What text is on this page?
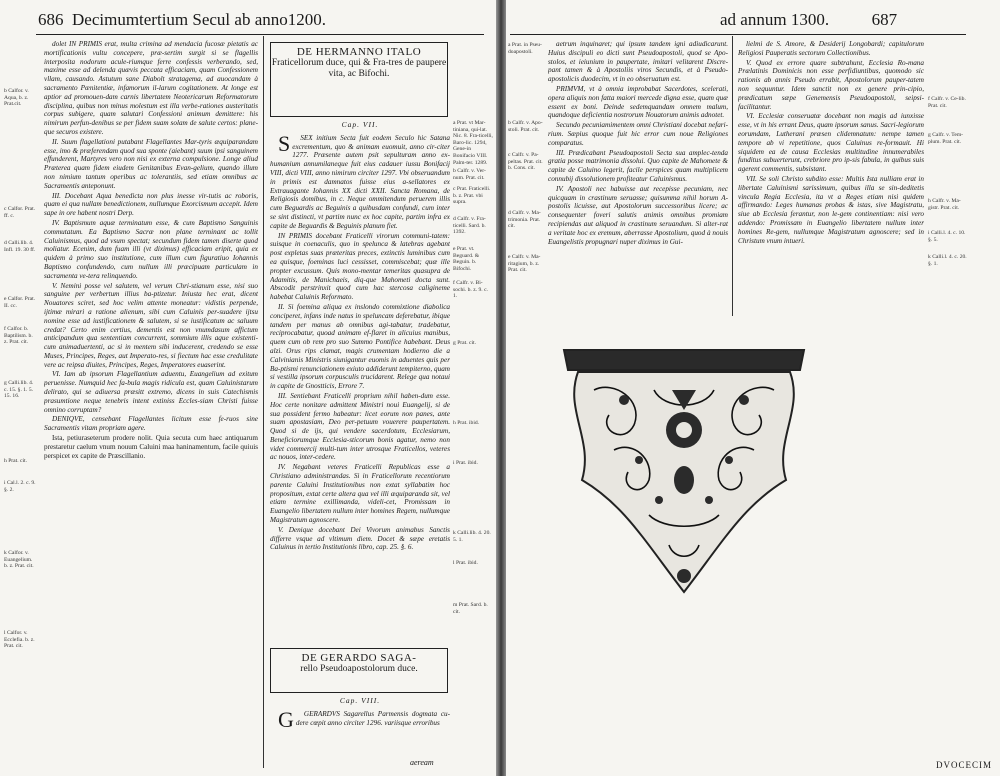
686 Decimumtertium Secul ab anno1200.
b Calfor. v. Aqua, b. z. Prat.cit.
c Calfor. Prat. ff. c.
d Calli.lib. 4. Infl. 19. 30 ff.
e Calfor. Prat. II. cc.
f Calfor. b. Baptilism. b. z. Prat. cit.
g Calli.lib. 4. c. 15. §. 1. 5. 15. 16.
h Prat. cit.
i Cal.l. 2. c. 9. §. 2.
k Calfor. v. Euangelium. b. z. Prat. cit.
l Calfor. v. Ecclefia. b. z. Prat. cit.

dolet IN PRIMIS erat, multa crimina ad mendacia fucosæ pietatis ac mortificationis vultu concepere, præ-sertim surgit si se flagellis interposita nodorum acule-riumque ferre confessis verberando, sed, maxime esse ad delenda quævis peccata efficaciam, quam Confessionem vllam, causando. Astutum sane Diabolt stratagema, ad auocandam à sacramento Pænitentiæ, infamorum il-larum cogitationem. At longe est aptior ad promouen-dam carnis libertatem Neotericarum Reformatorum disciplina, quibus non minus molestum est illa verbe-rationes austeritatis corpus subigere, quam salutari Confessioni animum demittere: his nimirum perfun-denibus se per fidem suam solam de salute certos: plane-que securos existere.

II. Suum flagellationi putabant Flagellantes Mar-tyris æquiparandam esse, imo & præferendam quod sua sponte (aiebant) suum ipsi sanguinem effunderent, Martyres vero non nisi ex externa compulsione. Longe aliud Præterea quam fidem eiudem Genitanibus Evan-gelium, quando illum non nimium tantum operibus ac tolerantiis, sed etiam omnibus ac Sacramentis anteponunt.

III. Docebant Aqua benedicta non plus inesse vir-tutis ac roboris, quam ei qua nullam benedictionem, nullumque Exorcismum accepit. Idem sape in ore habent nostri Derp.

IV. Baptismum aquæ terminatum esse, & cum Baptismo Sanguinis commutatum. Ea Baptismo Sacræ non plane terminant ac tollit Caluinismus, quod ad vsum spectat; secundum fidem tamen diserte quod moliatur. Ecenim, dum fuam illi (vt diximus) efficaciam eripit, quia ex quidem à primo suo institutione, cum illum cum figuratiuo Iohannis Baptismo confundendo, cum nullum illi præcipuam particulam in sacramenta ve-tera relinquendo.

V. Nemini posse vel salutem, vel verum Chri-stianum esse, nisi suo sanguine per verbertum illius ba-ptizetur. Iniusta hec erat, dicent Nouatores sciret, sed hoc velim attente moneatur: vidistis perpende, ijtimæ mirari a ratione alienum, sibi cum Caluinis per-suadere ijtsu nomine esse ad iustificationem & salutem, si se iustificatum ac saluum credat? Certo enim certius, dementis est non vnumdasum affictum anticipandum qua sententiam concurrent, sommium illis aque existenti-cum animaduertenti, ac si in mentem sibi inducerent, credendo se esse Muses, Principes, Reges, aut Imperato-res, si fiectum hac esse credulitate vere ac reipsa diuites, Principes, Reges, Imperatores euaserint.

VI. Iam ab ipsorum Flagellantium aduentu, Euangelium ad exitum peruenisse. Numquid hec fa-bula magis ridicula est, quam Caluinistarum delirato, qui se adiuersa præsitt extremo, dicens in suis Catechismis prasumtione neque tenebris intent extiniss Eccles-siam Christi fuisse omnino corruptam?

DENIQVE, censebant Flagellantes licitum esse fe-ruos sine Sacramentis vitam propriam agere.

Ista, petiuraseterum prodere nolit. Quia secuta cum haec antiquarum prestaretur caelum vnum nouum Caluini maa haninamentum, facile quiuis perspicet ex capite de Præscillanio.

DE HERMANNO ITALO
Fraticellorum duce, qui & Fra-tres de paupere vita, ac Bifochi.
Cap. VII.

S SEX initium Secta fuit eodem Seculo hic Satana excrementum, quo & animam euomuit, anno cir-citer 1277. Præsente autem psit sepulturam anno ex-humanium annumilaneque fuit eius cadauer iussu Bonifacij VIII, dicti VIII, anno nimirum circiter 1297. Vbi obseruandum in primis est damnatos fuisse eius a-sellatores ex Extrauagante Iohannis XX dicti XXII. Sancta Romana, de Religiosis domibus, in c. Neque ommitendum peruerem illis cum Beguardis ac Beguinis a quibusdam confundi, cum inter se sint distincti, vt partim nunc ex hoc capite, partim infra ex capite de Beguardis & Beguinis planum fiet.

IN PRIMIS docebant Fraticelli virorum communi-tatem: suisque in coenaculis, quo in spelunca & latebras agebant post expletas suas præteritas preces, extinctis luminibus cum ea quisque, foeminas luci cessisset, commiscebat; quæ ille propter excussum. Quis mono-mentar temeritas quasupra de Adamitis, de Manichaeis, diq-que Mahometi docta sunt. Abscodit perstrinxit quod cum hac stercosa caligineme habebat Caluinis Reformato.

II. Si foemina aliqua ex inslondo commixtione diabolica conciperet, infans inde natus in speluncam deferebatur, ibique tandem per manus ab omnibus agi-tabatur, tradebatur, reciprocabatur, quoad animam ef-flaret in alicuius manibus, quem cum ob rem pro suo Summo Pontifice habebant. Deus alzi. Orus rips clamat, magis crumentam hodierno die a Calvinianis Ministris siunigantur euomis in aduentes quis per Ba-ptismi renunciationem exiuto addiderunt tempiterno, quam si vestilla ipsorum corpusculis trucidarent. Relege qua notaui in capite de Gnostticis, Errore 7.

III. Sentiebant Fraticelli proprium nihil haben-dum esse. Hoc certe nonitare admittent Ministri noui Euangelij, si de sua possident fermo habeatur: licet eorum non panes, ante suam apostasiam, Deo per-petuum vouerere paupertatem. Quod si de ijs, qui vendere sacerdotum, Ecclesiarum, Beneficiorumque Ecclesia-sticorum bonis agatur, nemo non videt commercij multi-tum inter utrosque Fraticellos, veteres ac nouos, inter-cedere.

IV. Negabant veteres Fraticelli Republicas esse a Christiano administrandas. Si in Fraticellorum recentiorum parente Caluini Institutionibus non extat syllabatim hoc propositum, extat certe altera qua vel illi æquiparanda sit, vel etiam termine exillimanda, videli-cet, Promissam in Euangelio libertatem nullum inter homines Regem, nullumque Magistratum agnoscere.

V. Denique docebant Dei Vivorum animabus Sanctis differre vsque ad vltimum diem. Docet & sæpe eretatis Caluinus in tertio Institutionis libro, cap. 25. §. 6.

a Prat. vt Mar-tiniana, qui-lat. Nic. 8. Fra-ticelli, Baro-lic. 1294, Gene-in Bonifacio VIII. Palm-ter. 1289.
b Calfr. v. Ver-num. Prat. cit.
c Prat. Fraticelli. b. z. Prat. vbi supra.
d Calfr. v. Fra-ticelli. Sard. b. 1392.
e Prat. vt. Beguard. & Beguin. b. Bifochi.
f Calfr. v. Bi-sochi. b. z. 9. c. 1.
g Prat. cit.
h Prat. ibid.
i Prat. ibid.
k Calli.lib. 4. 20. 5. 1.
l Prat. ibid.
m Prat. Sard. b. cit.
DE GERARDO SAGA-
rello Pseudoapostolorum duce.
Cap. VIII.

G GERARDVS Sagarellus Parmensis dogmata cu-dere cœpit anno circiter 1296. variisque erroribus

aeream
ad annum 1300.	687
a Prat. in Pseu-doapostoli.
b Calfr. v. Apo-stoli. Prat. cit.
c Calfr. v. Pa-peltas. Prat. cit. b. Cons. cit.
d Calfr. v. Ma-trimonia. Prat. cit.
e Calfr. v. Ma-ritagium, b. z. Prat. cit.

aetrum inquinaret; qui ipsum tandem igni adiudicarunt. Huius discipuli eo dicti sunt Pseudoapostoli, quod se Apo-stolos, et ieiunium in paupertate, imitari velitarent Discre-pant tamen & à Apostoliis viros Secundis, et à Pseudo-apostolicis duodecim, vt in eo obseruatum est.

PRIMVM, vt à omnia improbabat Sacerdotes, scelerati, opera aliquis non fatta maiori mercede digna esse, quam quæ essent ex boni. Deinde sedemquandam omnem malum, quandoque deficientia nostrorum Nouatorum animis adnotet.

Secundo pecuniamimentem omni Christiani docebat nefari-rium. Sæpius quoque fuit hic error cum noue Religiones comparatus.

III. Prædicabant Pseudoapostoli Secta sua amplec-tenda gratia posse matrimonia dissolui. Quo capite de Mahomete & capite de Caluino legerit, facile perspices quam multiplicem connubij dissolutionem profiteatur Caluinismus.

IV. Apostoli nec habuisse aut recepisse pecuniam, nec quicquam in crastinum seruasse; quisumma nihil horum A-postolis licuisse, aut Apostolorum successoribus licere; ac consequenter foveri salutis animis omnibus promiam recipiendas aut aliquod in crastinum seruandum. Si alter-rat a veritate hoc ex eremum, aberrasse Apostolium, quod à nouis Euangelistis propugnari nuper diximus in Gui-

lielmi de S. Amore, & Desiderij Longobardi; capitulorum Religiosi Pauperatis sectorum Collectionibus.

V. Quod ex errore quare subtrahunt, Ecclesia Ro-mana Prælatinis Dominicis non esse perfidiuntibus, quomodo sic rationis ab annis Pseudo errabit, Apostolorum pauper-tatem non sequuntur. Idem sanctit non ex genere prin-cipio, prædicatum sæpe Genemensis Pseudoapostoli, seipsi-facilitantur.

VI. Ecclesiæ conseruatæ docebant non magis ad iunxisse esse, vt in his errant Deus, quam ipsorum sanus. Sacri-legiorum eorumdam, Lutherani præsen clidemnatum: nempe tamen tempore ab vi repetitione, quos Caluinus re-formauit. Hi siquidem ea de causa Ecclesias multitudine innumerabiles funditus subuerterunt, crebriore pro ip-sis fabula, in quibus suis agerent commentis, subsistant.

VII. Se soli Christo subdito esse: Multis Ista nulliam erat in libertate Caluinismi sarissimum, quibus illa se sin-deditetis vincula Regia Ecclesia, ita vt a Reges etiam nisi quidem affirmando: Leges humanas probas & istas, sive Magistratu, siue ab Ecclesia ferantur, non le-gem continentiam: nisi vero addendo: Promissam in Euangelio libertatem nullum inter homines Re-gem, nullumque Magistratum agnoscere; sed in Christum vnum intueri.

f Calfr. v. Ce-lib. Prat. cit.
g Calfr. v. Tem-plum. Prat. cit.
h Calfr. v. Ma-gistr. Prat. cit.
i Calli.l. 4. c. 10. §. 5.
k Calli.l. 4. c. 20. §. 1.
DVOCECIM
